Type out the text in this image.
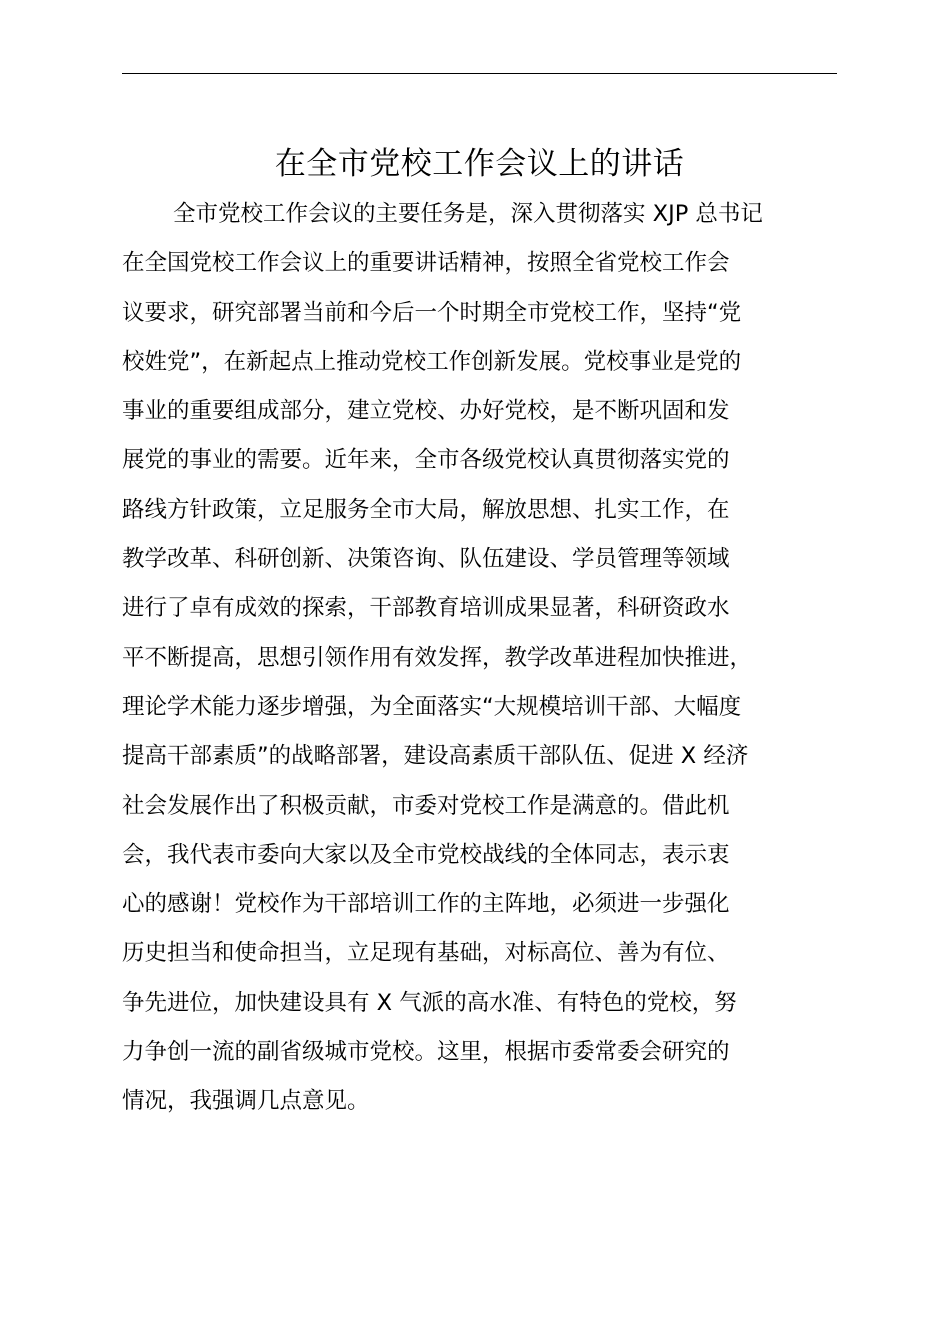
在全市党校工作会议上的讲话
全市党校工作会议的主要任务是，深入贯彻落实 XJP 总书记
在全国党校工作会议上的重要讲话精神，按照全省党校工作会
议要求，研究部署当前和今后一个时期全市党校工作，坚持“党
校姓党”，在新起点上推动党校工作创新发展。党校事业是党的
事业的重要组成部分，建立党校、办好党校，是不断巩固和发
展党的事业的需要。近年来，全市各级党校认真贯彻落实党的
路线方针政策，立足服务全市大局，解放思想、扎实工作，在
教学改革、科研创新、决策咨询、队伍建设、学员管理等领域
进行了卓有成效的探索，干部教育培训成果显著，科研资政水
平不断提高，思想引领作用有效发挥，教学改革进程加快推进，
理论学术能力逐步增强，为全面落实“大规模培训干部、大幅度
提高干部素质”的战略部署，建设高素质干部队伍、促进 X 经济
社会发展作出了积极贡献，市委对党校工作是满意的。借此机
会，我代表市委向大家以及全市党校战线的全体同志，表示衷
心的感谢！党校作为干部培训工作的主阵地，必须进一步强化
历史担当和使命担当，立足现有基础，对标高位、善为有位、
争先进位，加快建设具有 X 气派的高水准、有特色的党校，努
力争创一流的副省级城市党校。这里，根据市委常委会研究的
情况，我强调几点意见。
